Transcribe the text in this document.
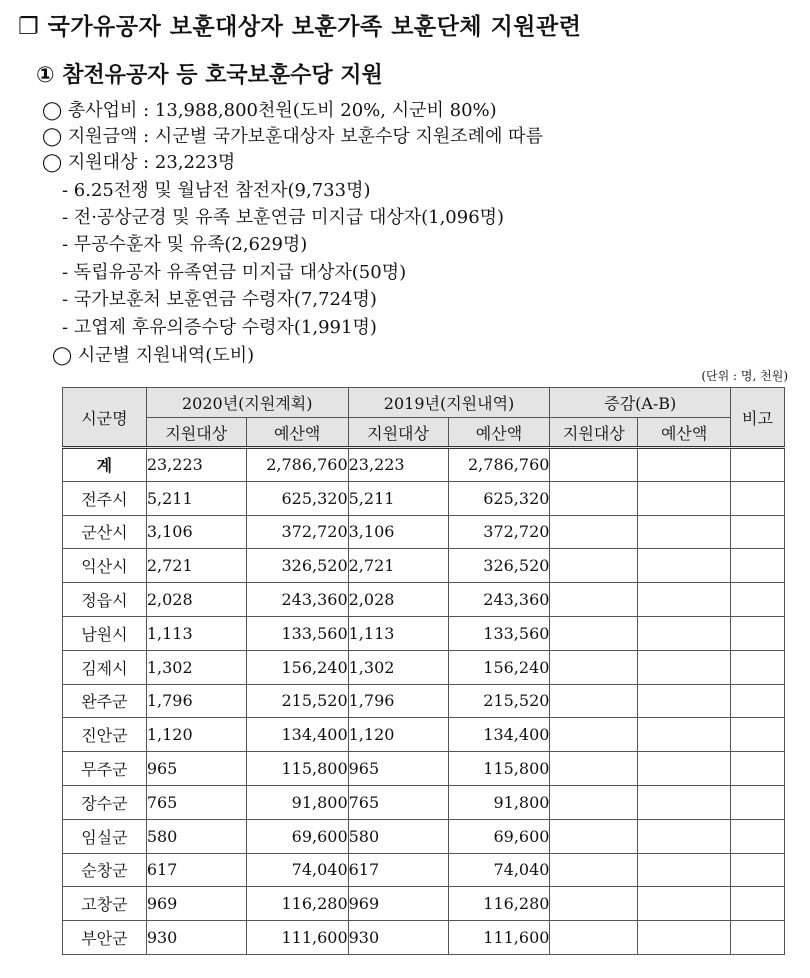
❐ 국가유공자 보훈대상자 보훈가족 보훈단체 지원관련
① 참전유공자 등 호국보훈수당 지원
◯ 총사업비 : 13,988,800천원(도비 20%, 시군비 80%)
◯ 지원금액 : 시군별 국가보훈대상자 보훈수당 지원조례에 따름
◯ 지원대상 : 23,223명
- 6.25전쟁 및 월남전 참전자(9,733명)
- 전·공상군경 및 유족 보훈연금 미지급 대상자(1,096명)
- 무공수훈자 및 유족(2,629명)
- 독립유공자 유족연금 미지급 대상자(50명)
- 국가보훈처 보훈연금 수령자(7,724명)
- 고엽제 후유의증수당 수령자(1,991명)
◯ 시군별 지원내역(도비)
(단위 : 명, 천원)
시군명	2020년(지원계획)		2019년(지원내역)		증감(A-B)		비고
	지원대상	예산액	지원대상	예산액	지원대상	예산액	
계	23,223	2,786,760	23,223	2,786,760			
전주시	5,211	625,320	5,211	625,320			
군산시	3,106	372,720	3,106	372,720			
익산시	2,721	326,520	2,721	326,520			
정읍시	2,028	243,360	2,028	243,360			
남원시	1,113	133,560	1,113	133,560			
김제시	1,302	156,240	1,302	156,240			
완주군	1,796	215,520	1,796	215,520			
진안군	1,120	134,400	1,120	134,400			
무주군	965	115,800	965	115,800			
장수군	765	91,800	765	91,800			
임실군	580	69,600	580	69,600			
순창군	617	74,040	617	74,040			
고창군	969	116,280	969	116,280			
부안군	930	111,600	930	111,600			
